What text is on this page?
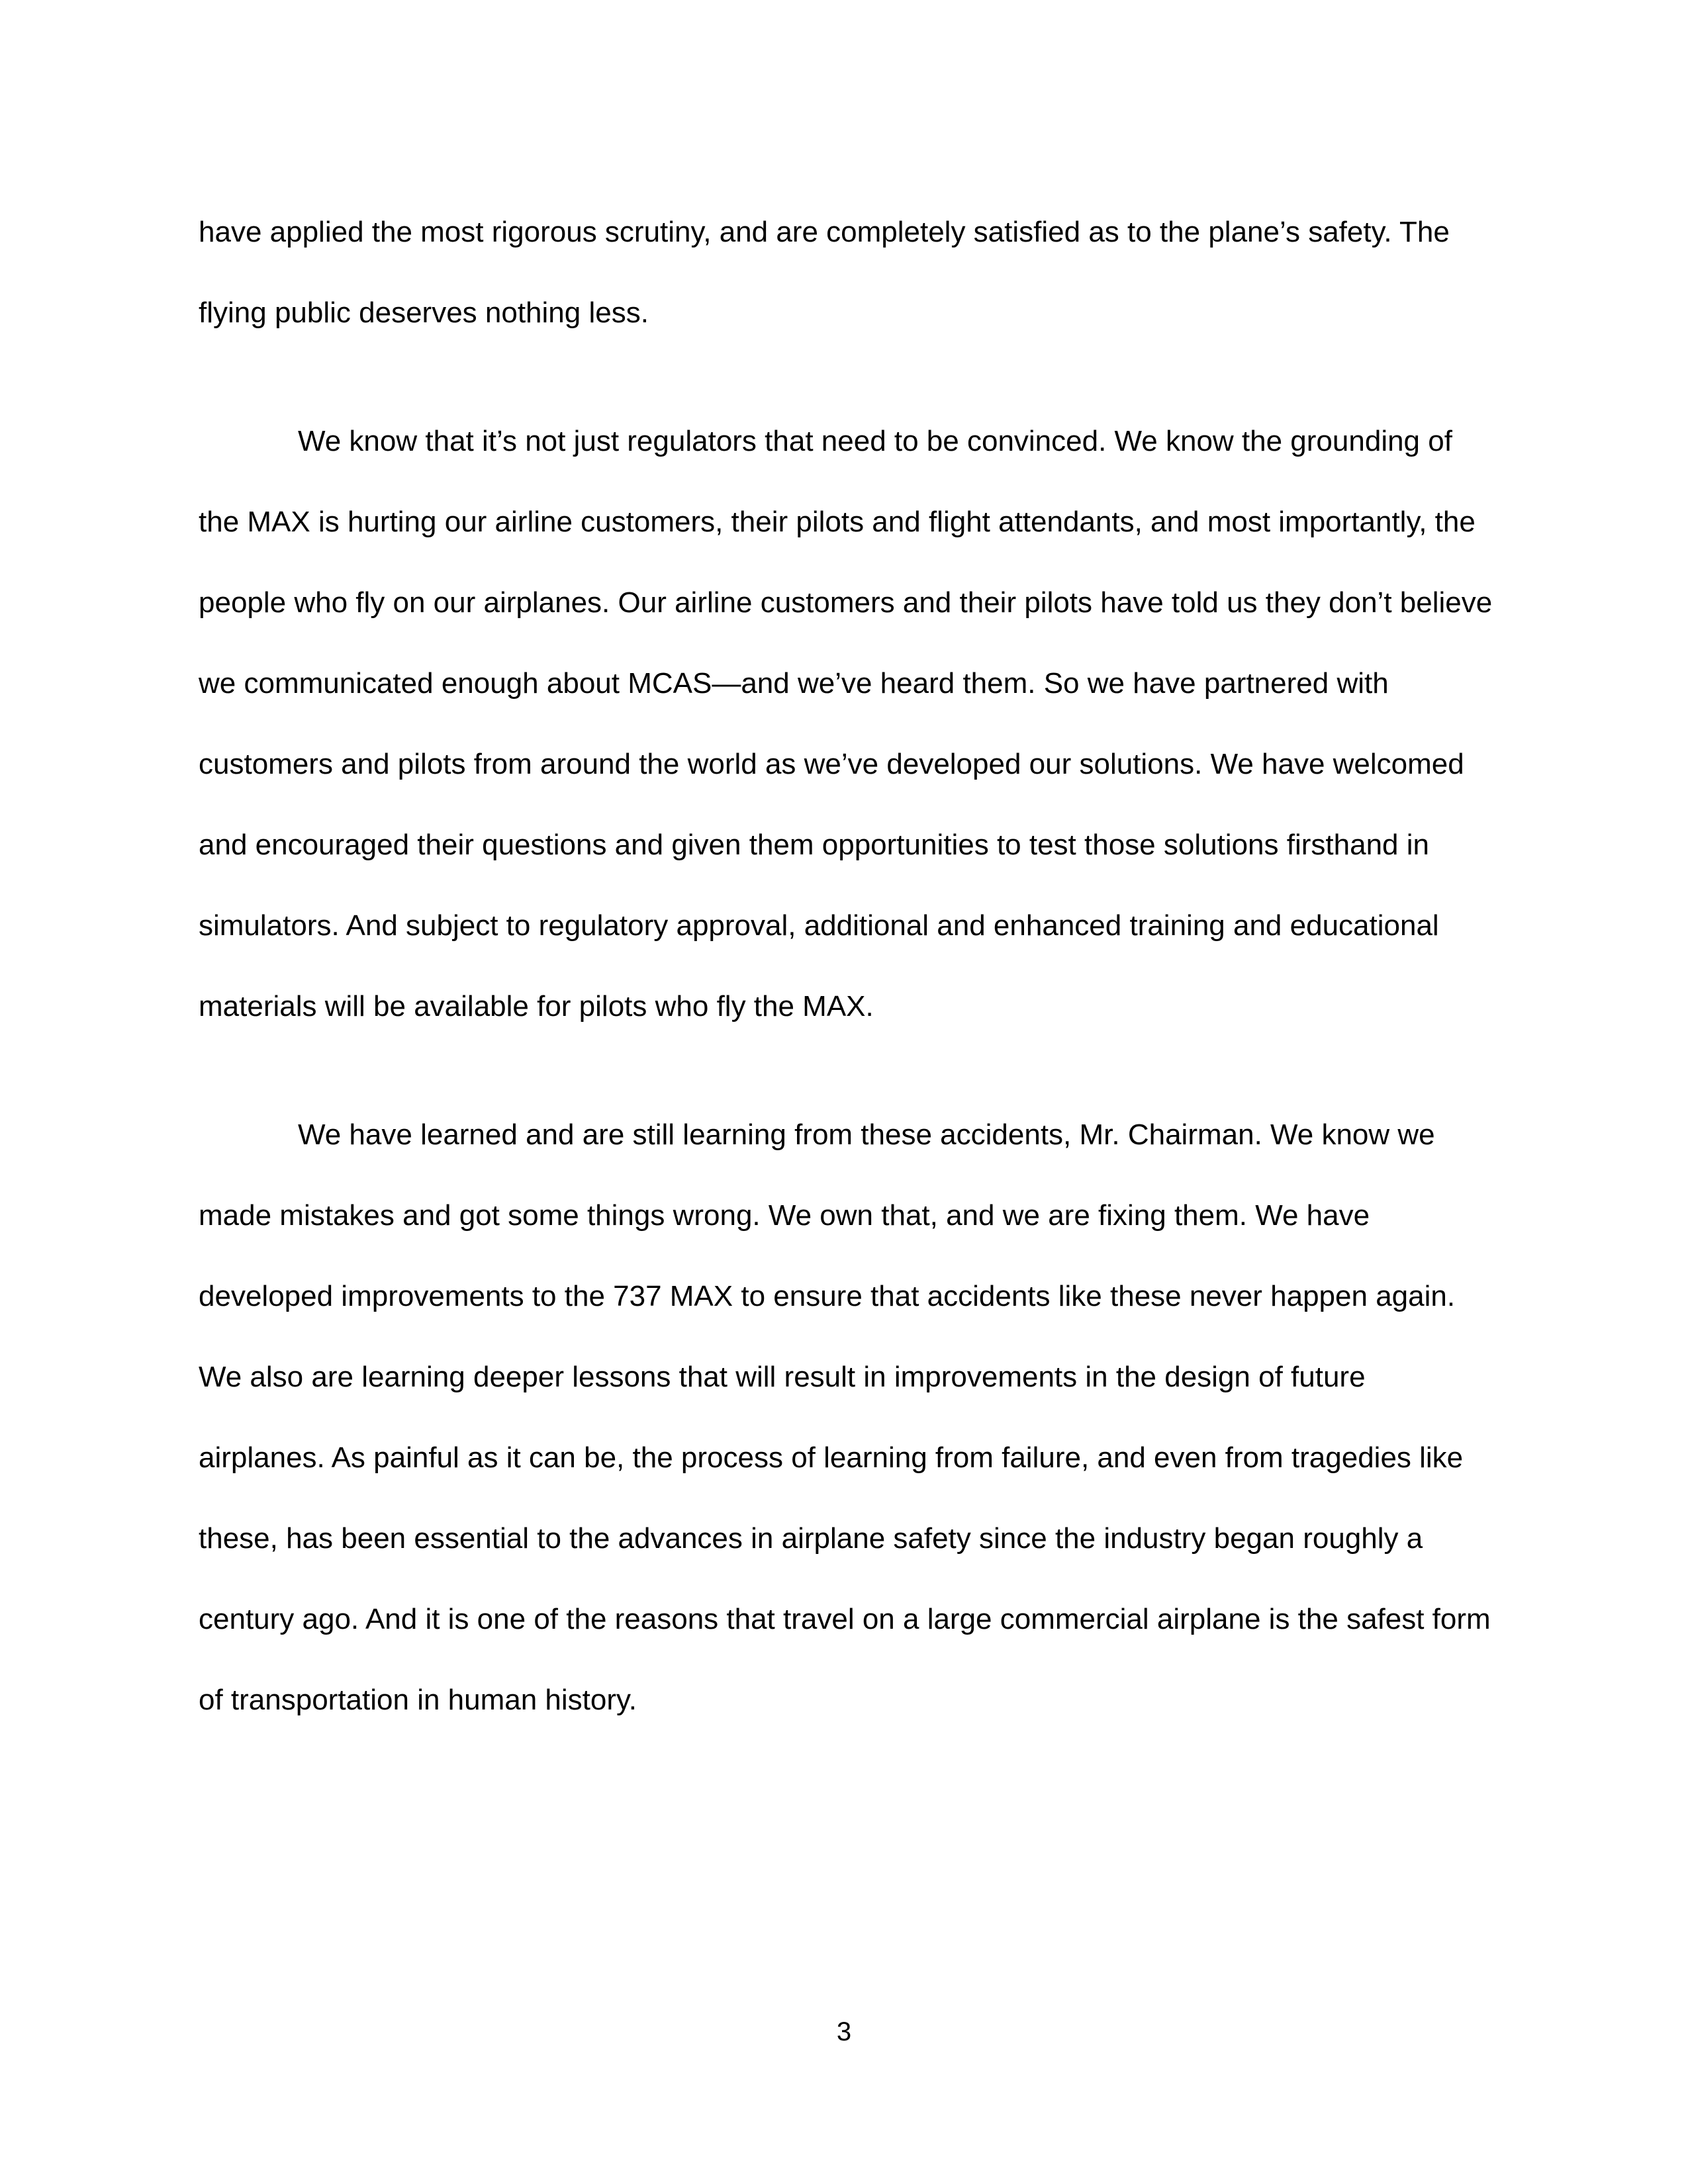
have applied the most rigorous scrutiny, and are completely satisfied as to the plane’s safety. The flying public deserves nothing less.

We know that it’s not just regulators that need to be convinced. We know the grounding of the MAX is hurting our airline customers, their pilots and flight attendants, and most importantly, the people who fly on our airplanes. Our airline customers and their pilots have told us they don’t believe we communicated enough about MCAS—and we’ve heard them. So we have partnered with customers and pilots from around the world as we’ve developed our solutions. We have welcomed and encouraged their questions and given them opportunities to test those solutions firsthand in simulators. And subject to regulatory approval, additional and enhanced training and educational materials will be available for pilots who fly the MAX.

We have learned and are still learning from these accidents, Mr. Chairman. We know we made mistakes and got some things wrong. We own that, and we are fixing them. We have developed improvements to the 737 MAX to ensure that accidents like these never happen again. We also are learning deeper lessons that will result in improvements in the design of future airplanes. As painful as it can be, the process of learning from failure, and even from tragedies like these, has been essential to the advances in airplane safety since the industry began roughly a century ago. And it is one of the reasons that travel on a large commercial airplane is the safest form of transportation in human history.

3
